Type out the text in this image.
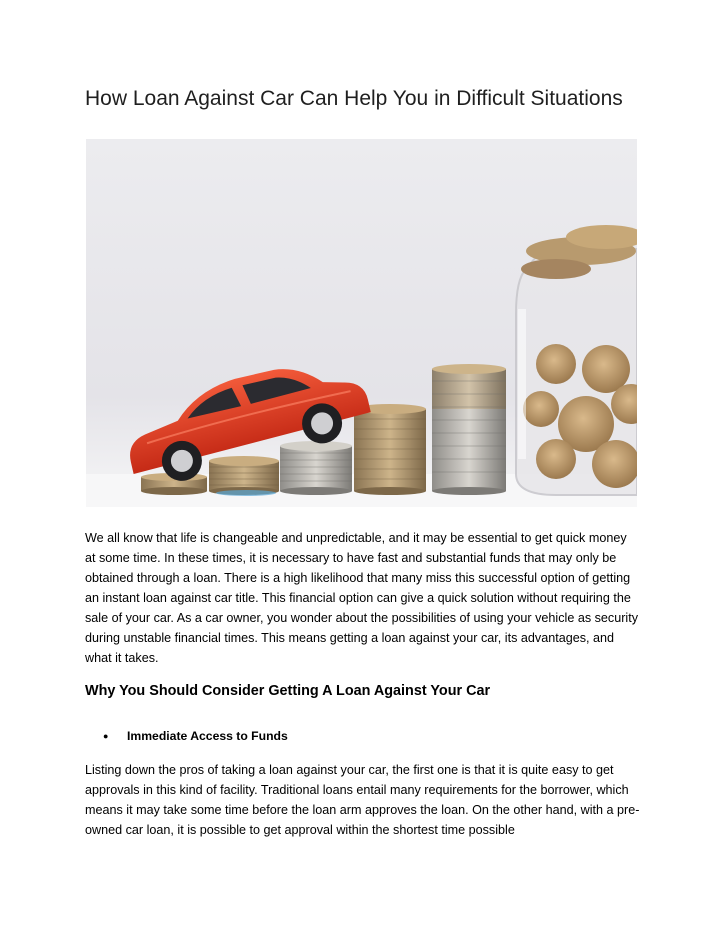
How Loan Against Car Can Help You in Difficult Situations

We all know that life is changeable and unpredictable, and it may be essential to get quick money at some time. In these times, it is necessary to have fast and substantial funds that may only be obtained through a loan. There is a high likelihood that many miss this successful option of getting an instant loan against car title. This financial option can give a quick solution without requiring the sale of your car. As a car owner, you wonder about the possibilities of using your vehicle as security during unstable financial times. This means getting a loan against your car, its advantages, and what it takes.

Why You Should Consider Getting A Loan Against Your Car
●	Immediate Access to Funds

Listing down the pros of taking a loan against your car, the first one is that it is quite easy to get approvals in this kind of facility. Traditional loans entail many requirements for the borrower, which means it may take some time before the loan arm approves the loan. On the other hand, with a pre-owned car loan, it is possible to get approval within the shortest time possible
